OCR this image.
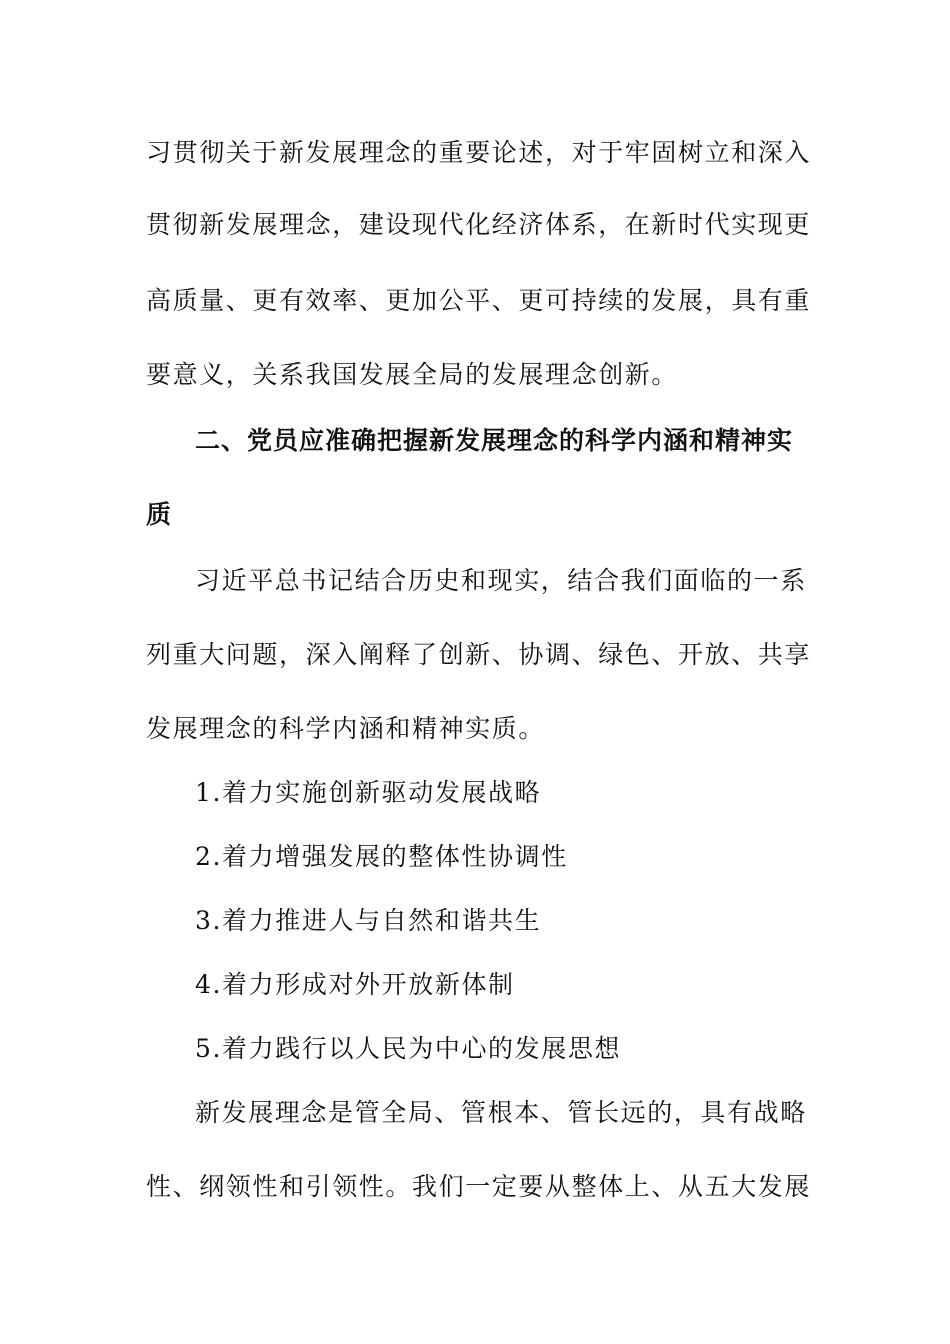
习贯彻关于新发展理念的重要论述，对于牢固树立和深入
贯彻新发展理念，建设现代化经济体系，在新时代实现更
高质量、更有效率、更加公平、更可持续的发展，具有重
要意义，关系我国发展全局的发展理念创新。
二、党员应准确把握新发展理念的科学内涵和精神实
质
习近平总书记结合历史和现实，结合我们面临的一系
列重大问题，深入阐释了创新、协调、绿色、开放、共享
发展理念的科学内涵和精神实质。
1.着力实施创新驱动发展战略
2.着力增强发展的整体性协调性
3.着力推进人与自然和谐共生
4.着力形成对外开放新体制
5.着力践行以人民为中心的发展思想
新发展理念是管全局、管根本、管长远的，具有战略
性、纲领性和引领性。我们一定要从整体上、从五大发展
